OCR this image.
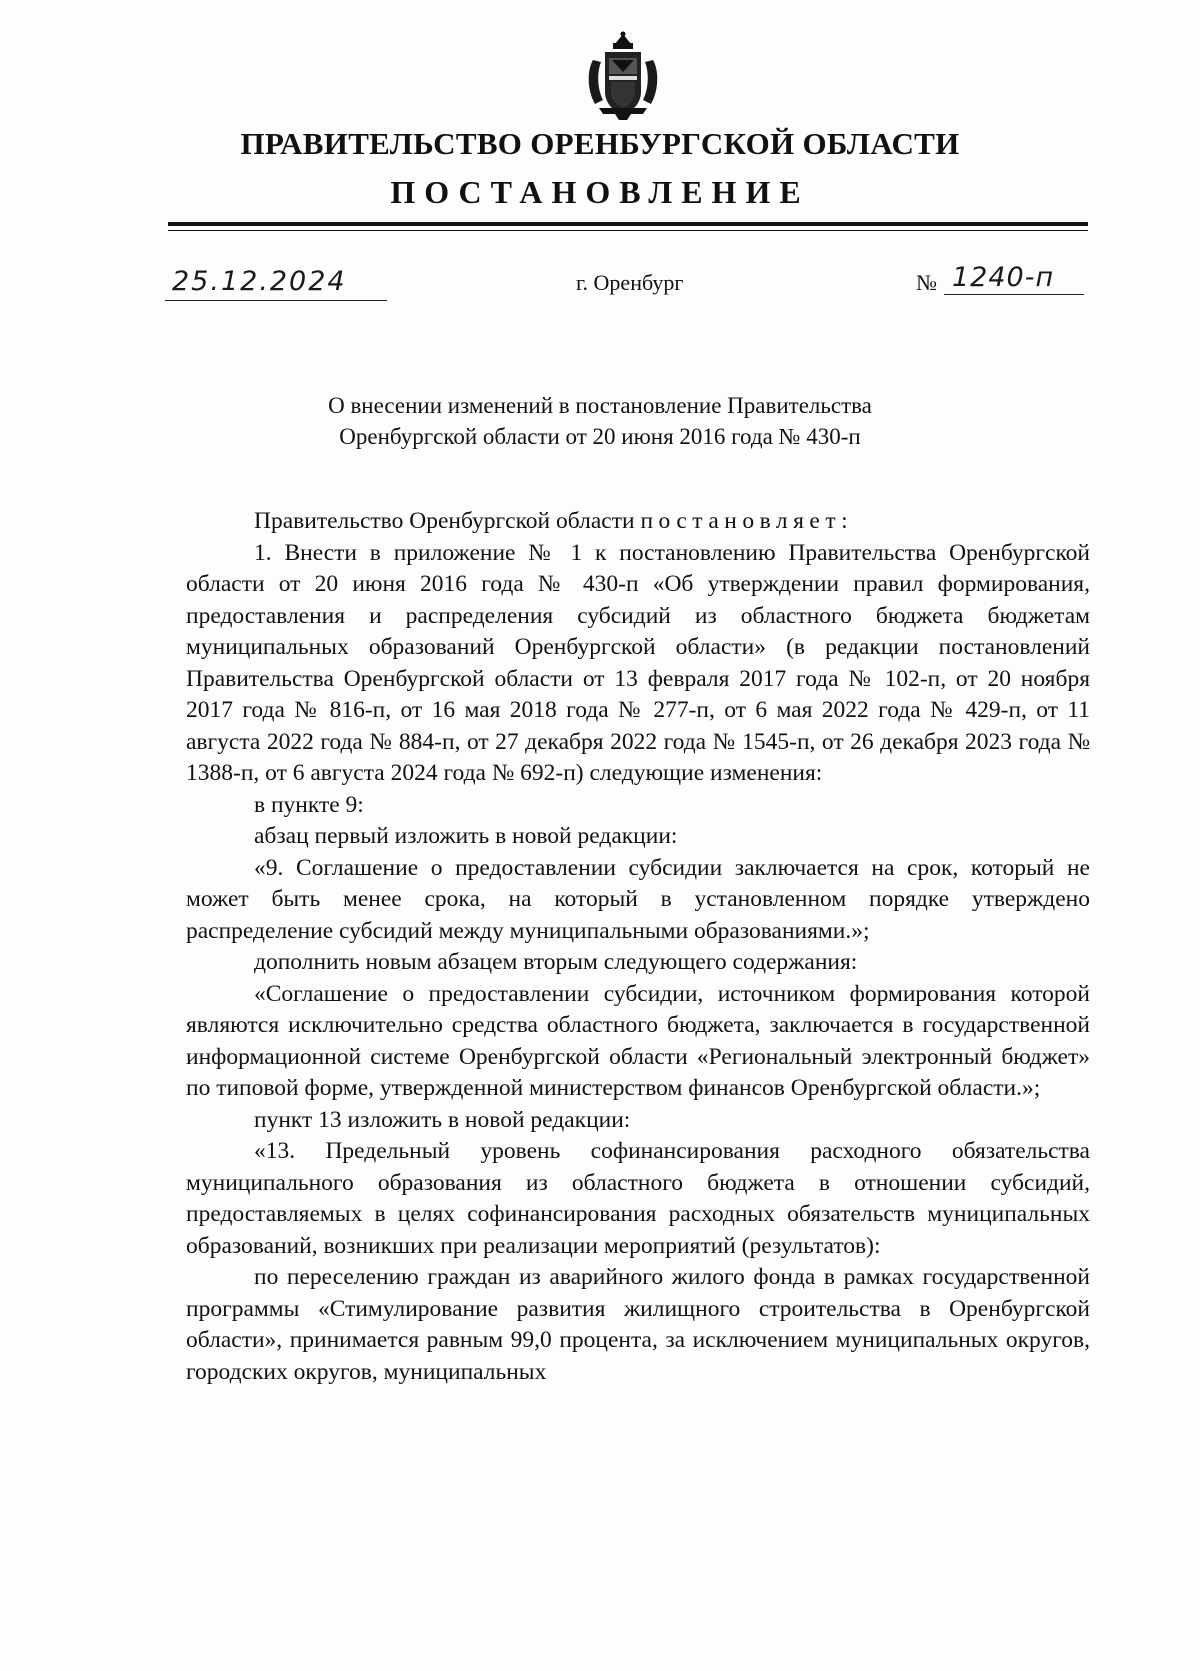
ПРАВИТЕЛЬСТВО ОРЕНБУРГСКОЙ ОБЛАСТИ
ПОСТАНОВЛЕНИЕ
25.12.2024	г. Оренбург	№ 1240-п
О внесении изменений в постановление Правительства
Оренбургской области от 20 июня 2016 года № 430-п

Правительство Оренбургской области постановляет:

1. Внести в приложение № 1 к постановлению Правительства Оренбургской области от 20 июня 2016 года № 430-п «Об утверждении правил формирования, предоставления и распределения субсидий из областного бюджета бюджетам муниципальных образований Оренбургской области» (в редакции постановлений Правительства Оренбургской области от 13 февраля 2017 года № 102-п, от 20 ноября 2017 года № 816-п, от 16 мая 2018 года № 277-п, от 6 мая 2022 года № 429-п, от 11 августа 2022 года № 884-п, от 27 декабря 2022 года № 1545-п, от 26 декабря 2023 года № 1388-п, от 6 августа 2024 года № 692-п) следующие изменения:

в пункте 9:

абзац первый изложить в новой редакции:

«9. Соглашение о предоставлении субсидии заключается на срок, который не может быть менее срока, на который в установленном порядке утверждено распределение субсидий между муниципальными образованиями.»;

дополнить новым абзацем вторым следующего содержания:

«Соглашение о предоставлении субсидии, источником формирования которой являются исключительно средства областного бюджета, заключается в государственной информационной системе Оренбургской области «Региональный электронный бюджет» по типовой форме, утвержденной министерством финансов Оренбургской области.»;

пункт 13 изложить в новой редакции:

«13. Предельный уровень софинансирования расходного обязательства муниципального образования из областного бюджета в отношении субсидий, предоставляемых в целях софинансирования расходных обязательств муниципальных образований, возникших при реализации мероприятий (результатов):

по переселению граждан из аварийного жилого фонда в рамках государственной программы «Стимулирование развития жилищного строительства в Оренбургской области», принимается равным 99,0 процента, за исключением муниципальных округов, городских округов, муниципальных
